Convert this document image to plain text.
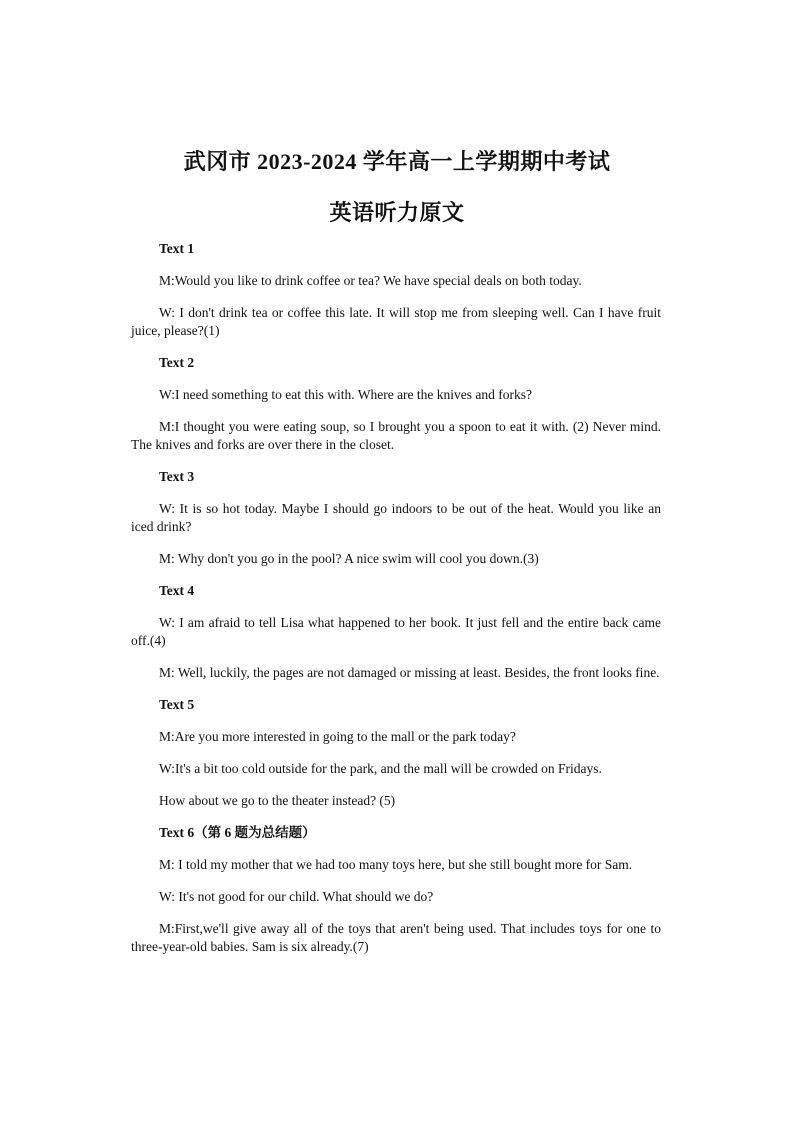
武冈市 2023-2024 学年高一上学期期中考试
英语听力原文

Text 1

M:Would you like to drink coffee or tea? We have special deals on both today.

W: I don't drink tea or coffee this late. It will stop me from sleeping well. Can I have fruit juice, please?(1)

Text 2

W:I need something to eat this with. Where are the knives and forks?

M:I thought you were eating soup, so I brought you a spoon to eat it with. (2) Never mind. The knives and forks are over there in the closet.

Text 3

W: It is so hot today. Maybe I should go indoors to be out of the heat. Would you like an iced drink?

M: Why don't you go in the pool? A nice swim will cool you down.(3)

Text 4

W: I am afraid to tell Lisa what happened to her book. It just fell and the entire back came off.(4)

M: Well, luckily, the pages are not damaged or missing at least. Besides, the front looks fine.

Text 5

M:Are you more interested in going to the mall or the park today?

W:It's a bit too cold outside for the park, and the mall will be crowded on Fridays.

How about we go to the theater instead? (5)

Text 6（第 6 题为总结题）

M: I told my mother that we had too many toys here, but she still bought more for Sam.

W: It's not good for our child. What should we do?

M:First,we'll give away all of the toys that aren't being used. That includes toys for one to three-year-old babies. Sam is six already.(7)
